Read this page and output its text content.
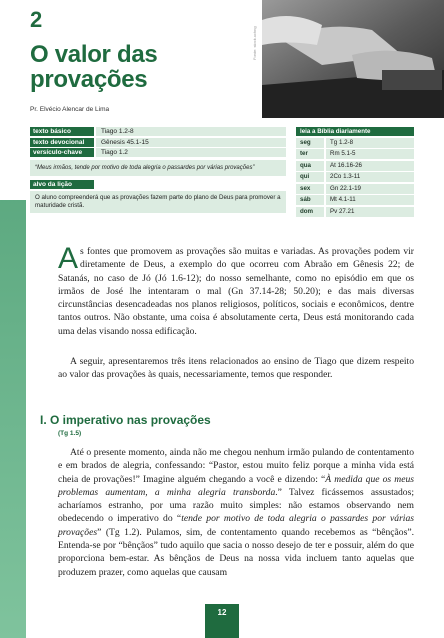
2
O valor das provações
Pr. Elvécio Alencar de Lima
Fonte: stock.xchng
texto básico	Tiago 1.2-8
texto devocional	Gênesis 45.1-15
versículo-chave	Tiago 1.2
“Meus irmãos, tende por motivo de toda alegria o passardes por várias provações”
alvo da lição
O aluno compreenderá que as provações fazem parte do plano de Deus para promover a maturidade cristã.
leia a Bíblia diariamente
seg	Tg 1.2-8
ter	Rm 5.1-5
qua	At 16.16-26
qui	2Co 1.3-11
sex	Gn 22.1-19
sáb	Mt 4.1-11
dom	Pv 27.21
As fontes que promovem as provações são muitas e variadas. As provações podem vir diretamente de Deus, a exemplo do que ocorreu com Abraão em Gênesis 22; de Satanás, no caso de Jó (Jó 1.6-12); do nosso semelhante, como no episódio em que os irmãos de José lhe intentaram o mal (Gn 37.14-28; 50.20); e das mais diversas circunstâncias desencadeadas nos planos religiosos, políticos, sociais e econômicos, dentre tantos outros. Não obstante, uma coisa é absolutamente certa, Deus está monitorando cada uma delas visando nossa edificação.
A seguir, apresentaremos três itens relacionados ao ensino de Tiago que dizem respeito ao valor das provações às quais, necessariamente, temos que responder.
I. O imperativo nas provações
(Tg 1.5)
Até o presente momento, ainda não me chegou nenhum irmão pulando de contentamento e em brados de alegria, confessando: “Pastor, estou muito feliz porque a minha vida está cheia de provações!” Imagine alguém chegando a você e dizendo: “À medida que os meus problemas aumentam, a minha alegria transborda.” Talvez ficássemos assustados; acharíamos estranho, por uma razão muito simples: não estamos observando nem obedecendo o imperativo do “tende por motivo de toda alegria o passardes por várias provações” (Tg 1.2). Pulamos, sim, de contentamento quando recebemos as “bênçãos”. Entenda-se por “bênçãos” tudo aquilo que sacia o nosso desejo de ter e possuir, além do que proporciona bem-estar. As bênçãos de Deus na nossa vida incluem tanto aquelas que produzem prazer, como aquelas que causam
12
